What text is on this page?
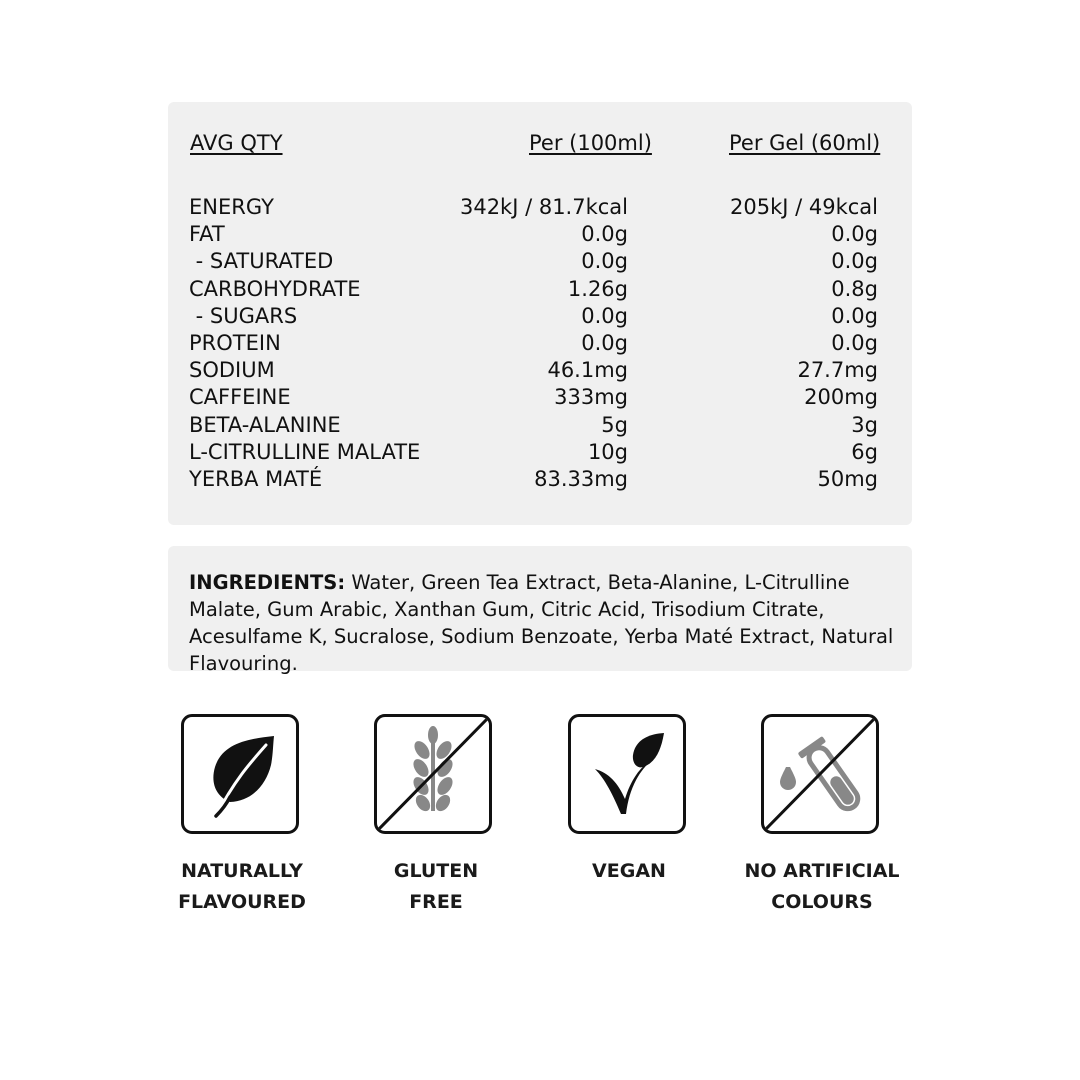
AVG QTY	Per (100ml)	Per Gel (60ml)
ENERGY	342kJ / 81.7kcal	205kJ / 49kcal
FAT	0.0g	0.0g
- SATURATED	0.0g	0.0g
CARBOHYDRATE	1.26g	0.8g
- SUGARS	0.0g	0.0g
PROTEIN	0.0g	0.0g
SODIUM	46.1mg	27.7mg
CAFFEINE	333mg	200mg
BETA-ALANINE	5g	3g
L-CITRULLINE MALATE	10g	6g
YERBA MATÉ	83.33mg	50mg
INGREDIENTS: Water, Green Tea Extract, Beta-Alanine, L-Citrulline Malate, Gum Arabic, Xanthan Gum, Citric Acid, Trisodium Citrate, Acesulfame K, Sucralose, Sodium Benzoate, Yerba Maté Extract, Natural Flavouring.
NATURALLY
FLAVOURED
GLUTEN
FREE
VEGAN	NO ARTIFICIAL
COLOURS
